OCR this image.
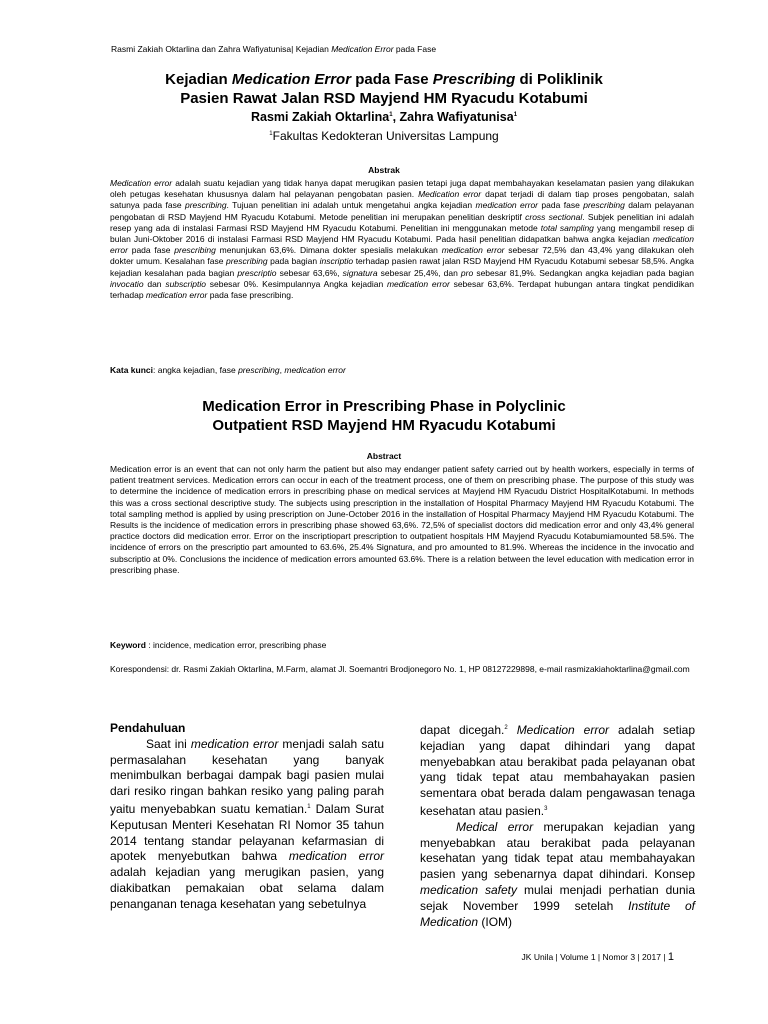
Rasmi Zakiah Oktarlina dan Zahra Wafiyatunisa| Kejadian Medication Error pada Fase
Kejadian Medication Error pada Fase Prescribing di Poliklinik
Pasien Rawat Jalan RSD Mayjend HM Ryacudu Kotabumi
Rasmi Zakiah Oktarlina$^1$, Zahra Wafiyatunisa$^1$
$^1$Fakultas Kedokteran Universitas Lampung
Abstrak
Medication error adalah suatu kejadian yang tidak hanya dapat merugikan pasien tetapi juga dapat membahayakan keselamatan pasien yang dilakukan oleh petugas kesehatan khususnya dalam hal pelayanan pengobatan pasien. Medication error dapat terjadi di dalam tiap proses pengobatan, salah satunya pada fase prescribing. Tujuan penelitian ini adalah untuk mengetahui angka kejadian medication error pada fase prescribing dalam pelayanan pengobatan di RSD Mayjend HM Ryacudu Kotabumi. Metode penelitian ini merupakan penelitian deskriptif cross sectional. Subjek penelitian ini adalah resep yang ada di instalasi Farmasi RSD Mayjend HM Ryacudu Kotabumi. Penelitian ini menggunakan metode total sampling yang mengambil resep di bulan Juni-Oktober 2016 di instalasi Farmasi RSD Mayjend HM Ryacudu Kotabumi. Pada hasil penelitian didapatkan bahwa angka kejadian medication error pada fase prescribing menunjukan 63,6%. Dimana dokter spesialis melakukan medication error sebesar 72,5% dan 43,4% yang dilakukan oleh dokter umum. Kesalahan fase prescribing pada bagian inscriptio terhadap pasien rawat jalan RSD Mayjend HM Ryacudu Kotabumi sebesar 58,5%. Angka kejadian kesalahan pada bagian prescriptio sebesar 63,6%, signatura sebesar 25,4%, dan pro sebesar 81,9%. Sedangkan angka kejadian pada bagian invocatio dan subscriptio sebesar 0%. Kesimpulannya Angka kejadian medication error sebesar 63,6%. Terdapat hubungan antara tingkat pendidikan terhadap medication error pada fase prescribing.
Kata kunci: angka kejadian, fase prescribing, medication error
Medication Error in Prescribing Phase in Polyclinic
Outpatient RSD Mayjend HM Ryacudu Kotabumi
Abstract
Medication error is an event that can not only harm the patient but also may endanger patient safety carried out by health workers, especially in terms of patient treatment services. Medication errors can occur in each of the treatment process, one of them on prescribing phase. The purpose of this study was to determine the incidence of medication errors in prescribing phase on medical services at Mayjend HM Ryacudu District HospitalKotabumi. In methods this was a cross sectional descriptive study. The subjects using prescription in the installation of Hospital Pharmacy Mayjend HM Ryacudu Kotabumi. The total sampling method is applied by using prescription on June-October 2016 in the installation of Hospital Pharmacy Mayjend HM Ryacudu Kotabumi. The Results is the incidence of medication errors in prescribing phase showed 63,6%. 72,5% of specialist doctors did medication error and only 43,4% general practice doctors did medication error. Error on the inscriptiopart prescription to outpatient hospitals HM Mayjend Ryacudu Kotabumiamounted 58.5%. The incidence of errors on the prescriptio part amounted to 63.6%, 25.4% Signatura, and pro amounted to 81.9%. Whereas the incidence in the invocatio and subscriptio at 0%. Conclusions the incidence of medication errors amounted 63.6%. There is a relation between the level education with medication error in prescribing phase.
Keyword : incidence, medication error, prescribing phase
Korespondensi: dr. Rasmi Zakiah Oktarlina, M.Farm, alamat Jl. Soemantri Brodjonegoro No. 1, HP 08127229898, e-mail rasmizakiahoktarlina@gmail.com
Pendahuluan
Saat ini medication error menjadi salah satu permasalahan kesehatan yang banyak menimbulkan berbagai dampak bagi pasien mulai dari resiko ringan bahkan resiko yang paling parah yaitu menyebabkan suatu kematian.$^1$ Dalam Surat Keputusan Menteri Kesehatan RI Nomor 35 tahun 2014 tentang standar pelayanan kefarmasian di apotek menyebutkan bahwa medication error adalah kejadian yang merugikan pasien, yang diakibatkan pemakaian obat selama dalam penanganan tenaga kesehatan yang sebetulnya
dapat dicegah.$^2$ Medication error adalah setiap kejadian yang dapat dihindari yang dapat menyebabkan atau berakibat pada pelayanan obat yang tidak tepat atau membahayakan pasien sementara obat berada dalam pengawasan tenaga kesehatan atau pasien.$^3$
Medical error merupakan kejadian yang menyebabkan atau berakibat pada pelayanan kesehatan yang tidak tepat atau membahayakan pasien yang sebenarnya dapat dihindari. Konsep medication safety mulai menjadi perhatian dunia sejak November 1999 setelah Institute of Medication (IOM)
JK Unila | Volume 1 | Nomor 3 | 2017 | 1
